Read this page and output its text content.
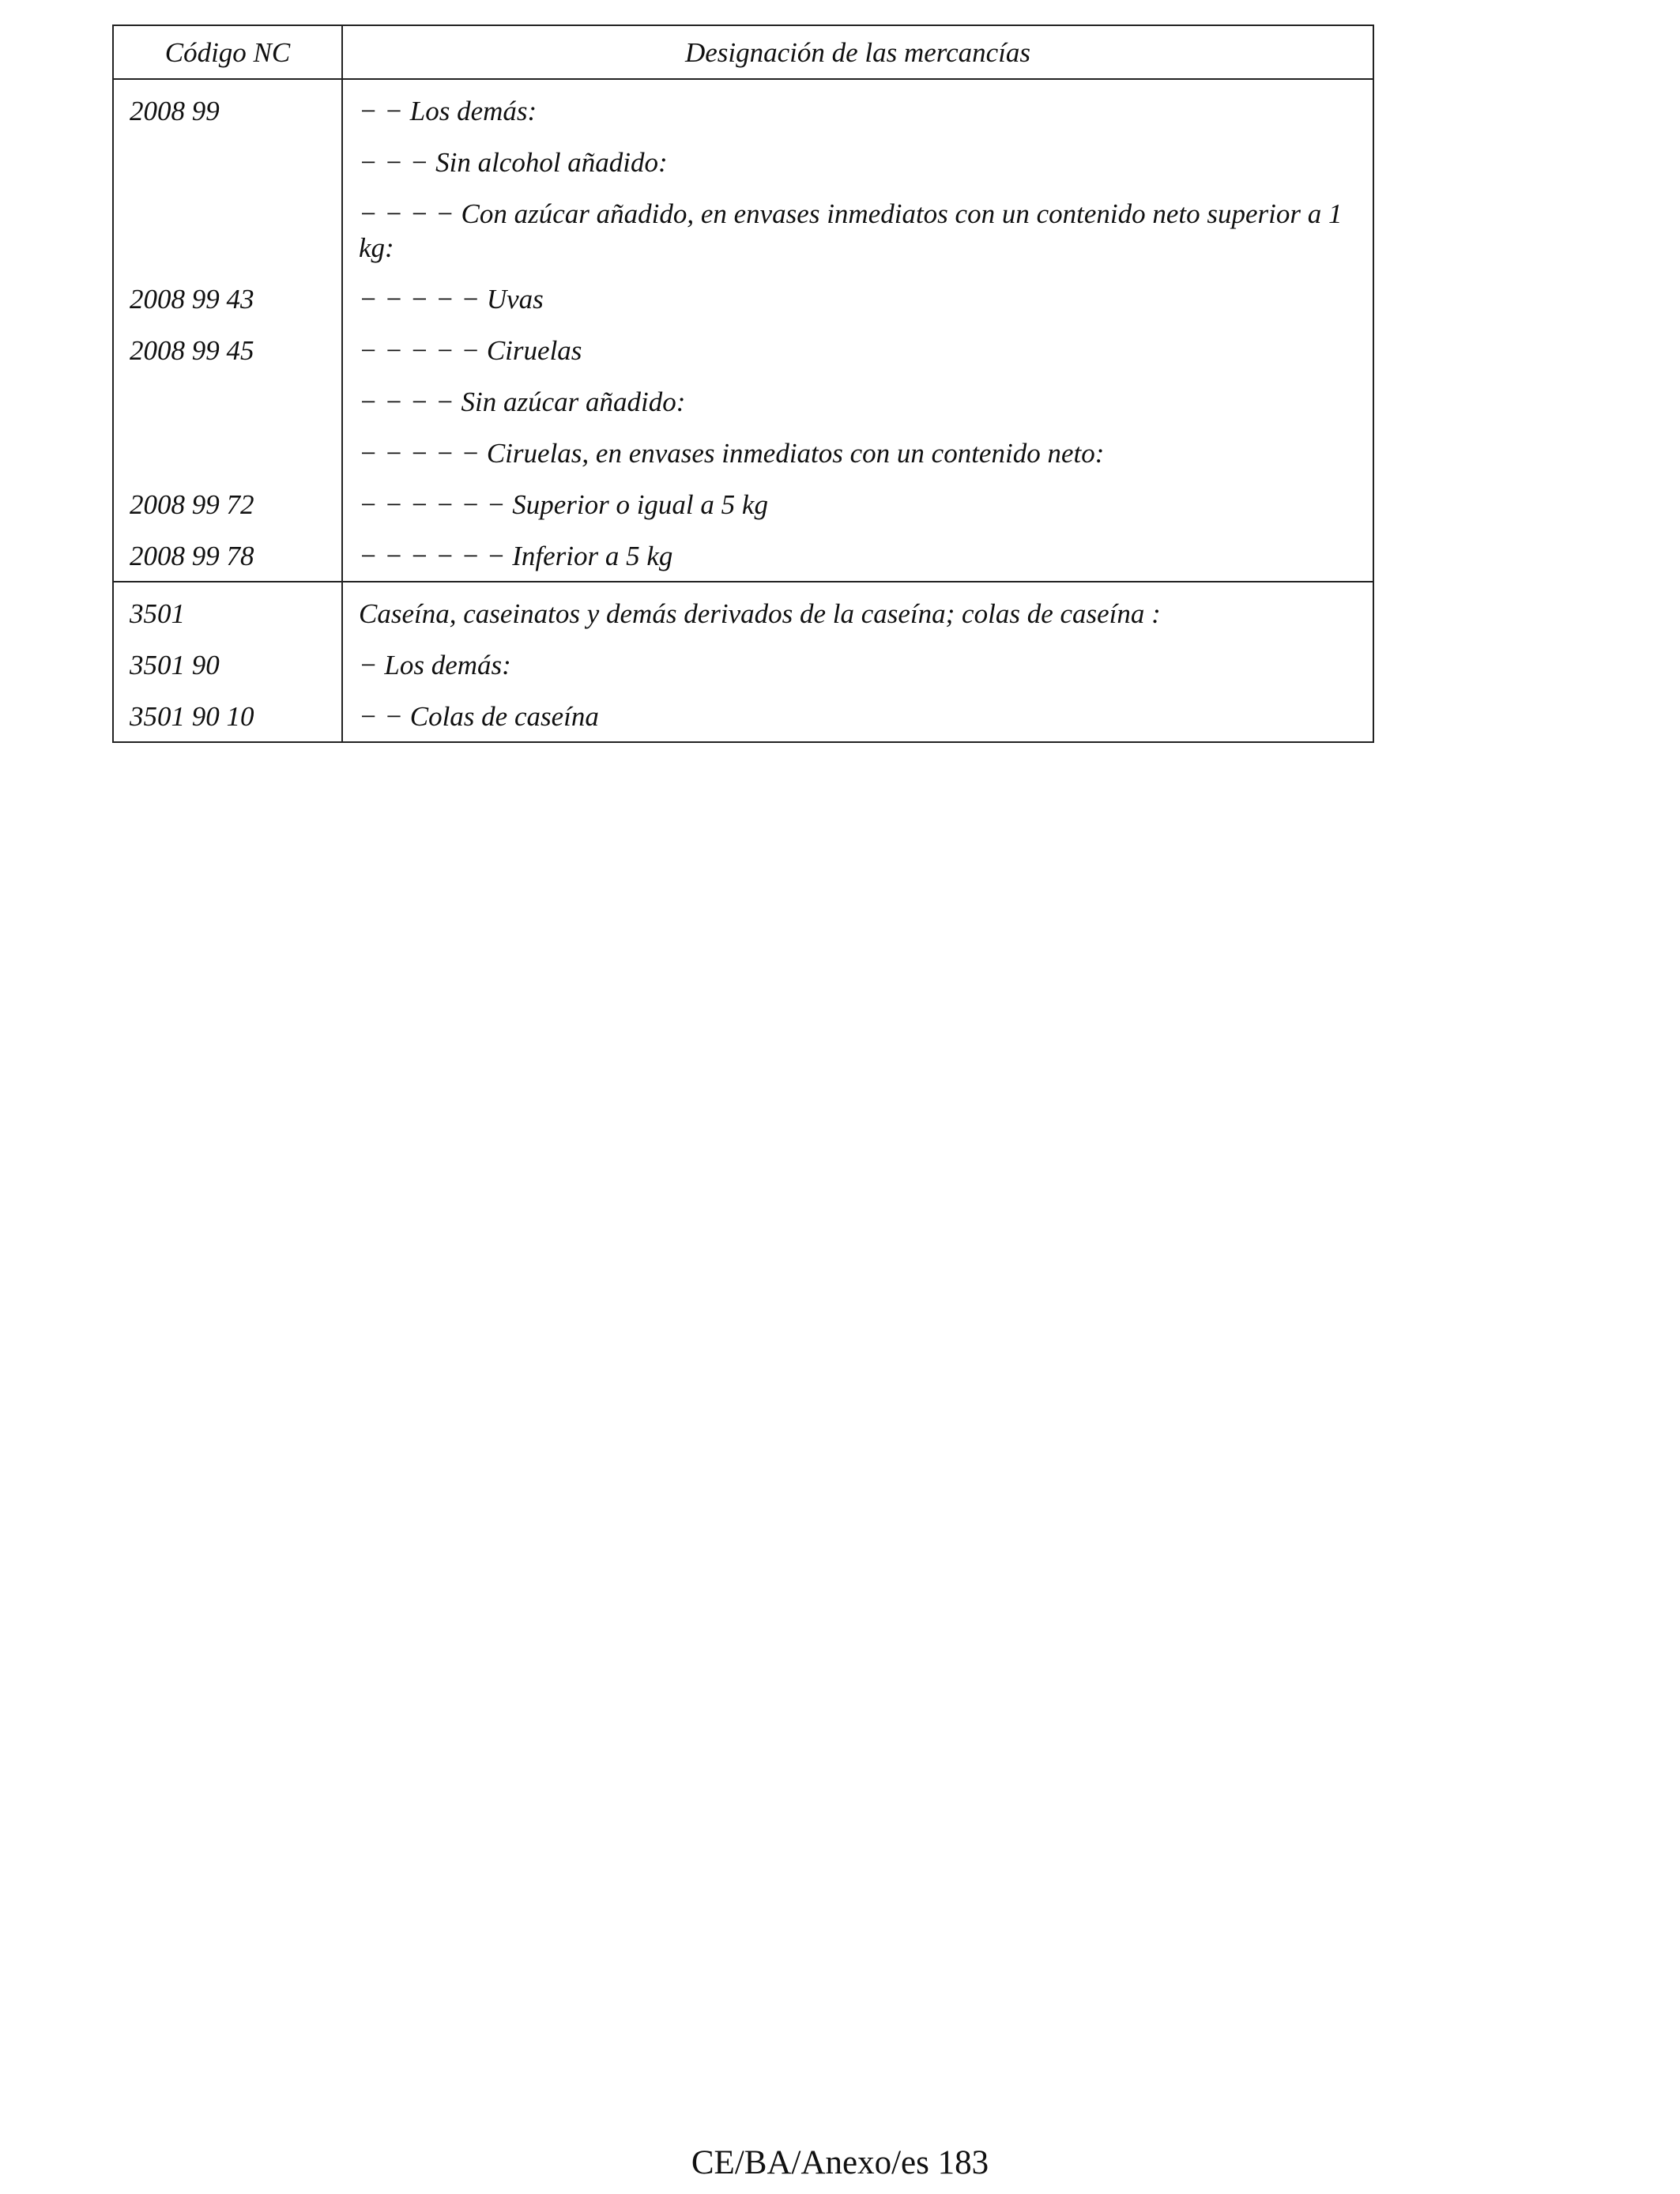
Código NC	Designación de las mercancías
2008 99	− − Los demás:
	− − − Sin alcohol añadido:
	− − − − Con azúcar añadido, en envases inmediatos con un contenido neto superior a 1 kg:
2008 99 43	− − − − − Uvas
2008 99 45	− − − − − Ciruelas
	− − − − Sin azúcar añadido:
	− − − − − Ciruelas, en envases inmediatos con un contenido neto:
2008 99 72	− − − − − − Superior o igual a 5 kg
2008 99 78	− − − − − − Inferior a 5 kg
3501	Caseína, caseinatos y demás derivados de la caseína; colas de caseína :
3501 90	− Los demás:
3501 90 10	− − Colas de caseína
CE/BA/Anexo/es 183
